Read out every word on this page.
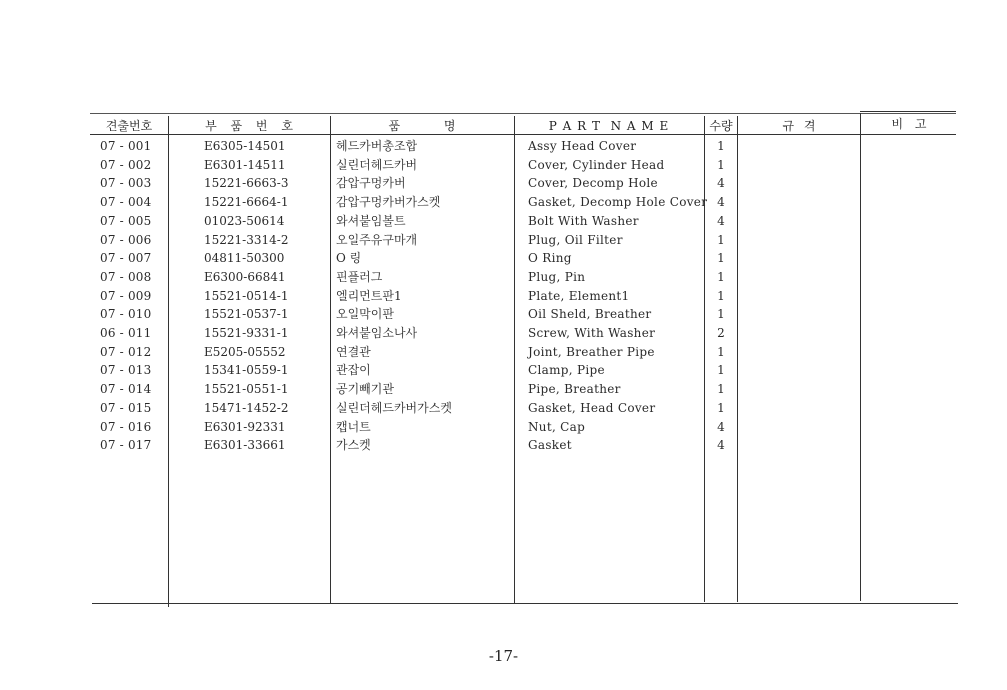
견출번호	부 품 번 호	품 명	P A R T  N A M E	수량	규 격	비 고
07 - 001	E6305-14501	헤드카버총조합	Assy Head Cover	1
07 - 002	E6301-14511	실린더헤드카버	Cover, Cylinder Head	1
07 - 003	15221-6663-3	감압구멍카버	Cover, Decomp Hole	4
07 - 004	15221-6664-1	감압구멍카버가스켓	Gasket, Decomp Hole Cover 4
07 - 005	01023-50614	와셔붙임볼트	Bolt With Washer	4
07 - 006	15221-3314-2	오일주유구마개	Plug, Oil Filter	1
07 - 007	04811-50300	O 링	O Ring	1
07 - 008	E6300-66841	핀플러그	Plug, Pin	1
07 - 009	15521-0514-1	엘리먼트판1	Plate, Element1	1
07 - 010	15521-0537-1	오일막이판	Oil Sheld, Breather	1
06 - 011	15521-9331-1	와셔붙임소나사	Screw, With Washer	2
07 - 012	E5205-05552	연결관	Joint, Breather Pipe	1
07 - 013	15341-0559-1	관잡이	Clamp, Pipe	1
07 - 014	15521-0551-1	공기빼기관	Pipe, Breather	1
07 - 015	15471-1452-2	실린더헤드카버가스켓	Gasket, Head Cover	1
07 - 016	E6301-92331	캡너트	Nut, Cap	4
07 - 017	E6301-33661	가스켓	Gasket	4
-17-
